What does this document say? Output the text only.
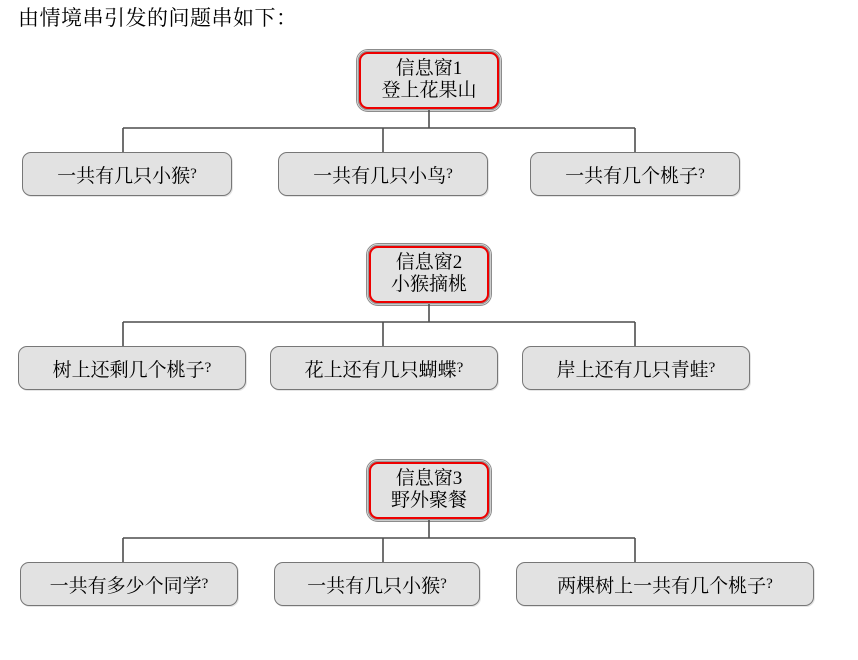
由情境串引发的问题串如下：
信息窗1
登上花果山
一共有几只小猴 ?	一共有几只小鸟 ?	一共有几个桃子 ?
信息窗2
小猴摘桃
树上还剩几个桃子 ?	花上还有几只蝴蝶 ?	岸上还有几只青蛙 ?
信息窗3
野外聚餐
一共有多少个同学 ?	一共有几只小猴 ?	两棵树上一共有几个桃子 ?
